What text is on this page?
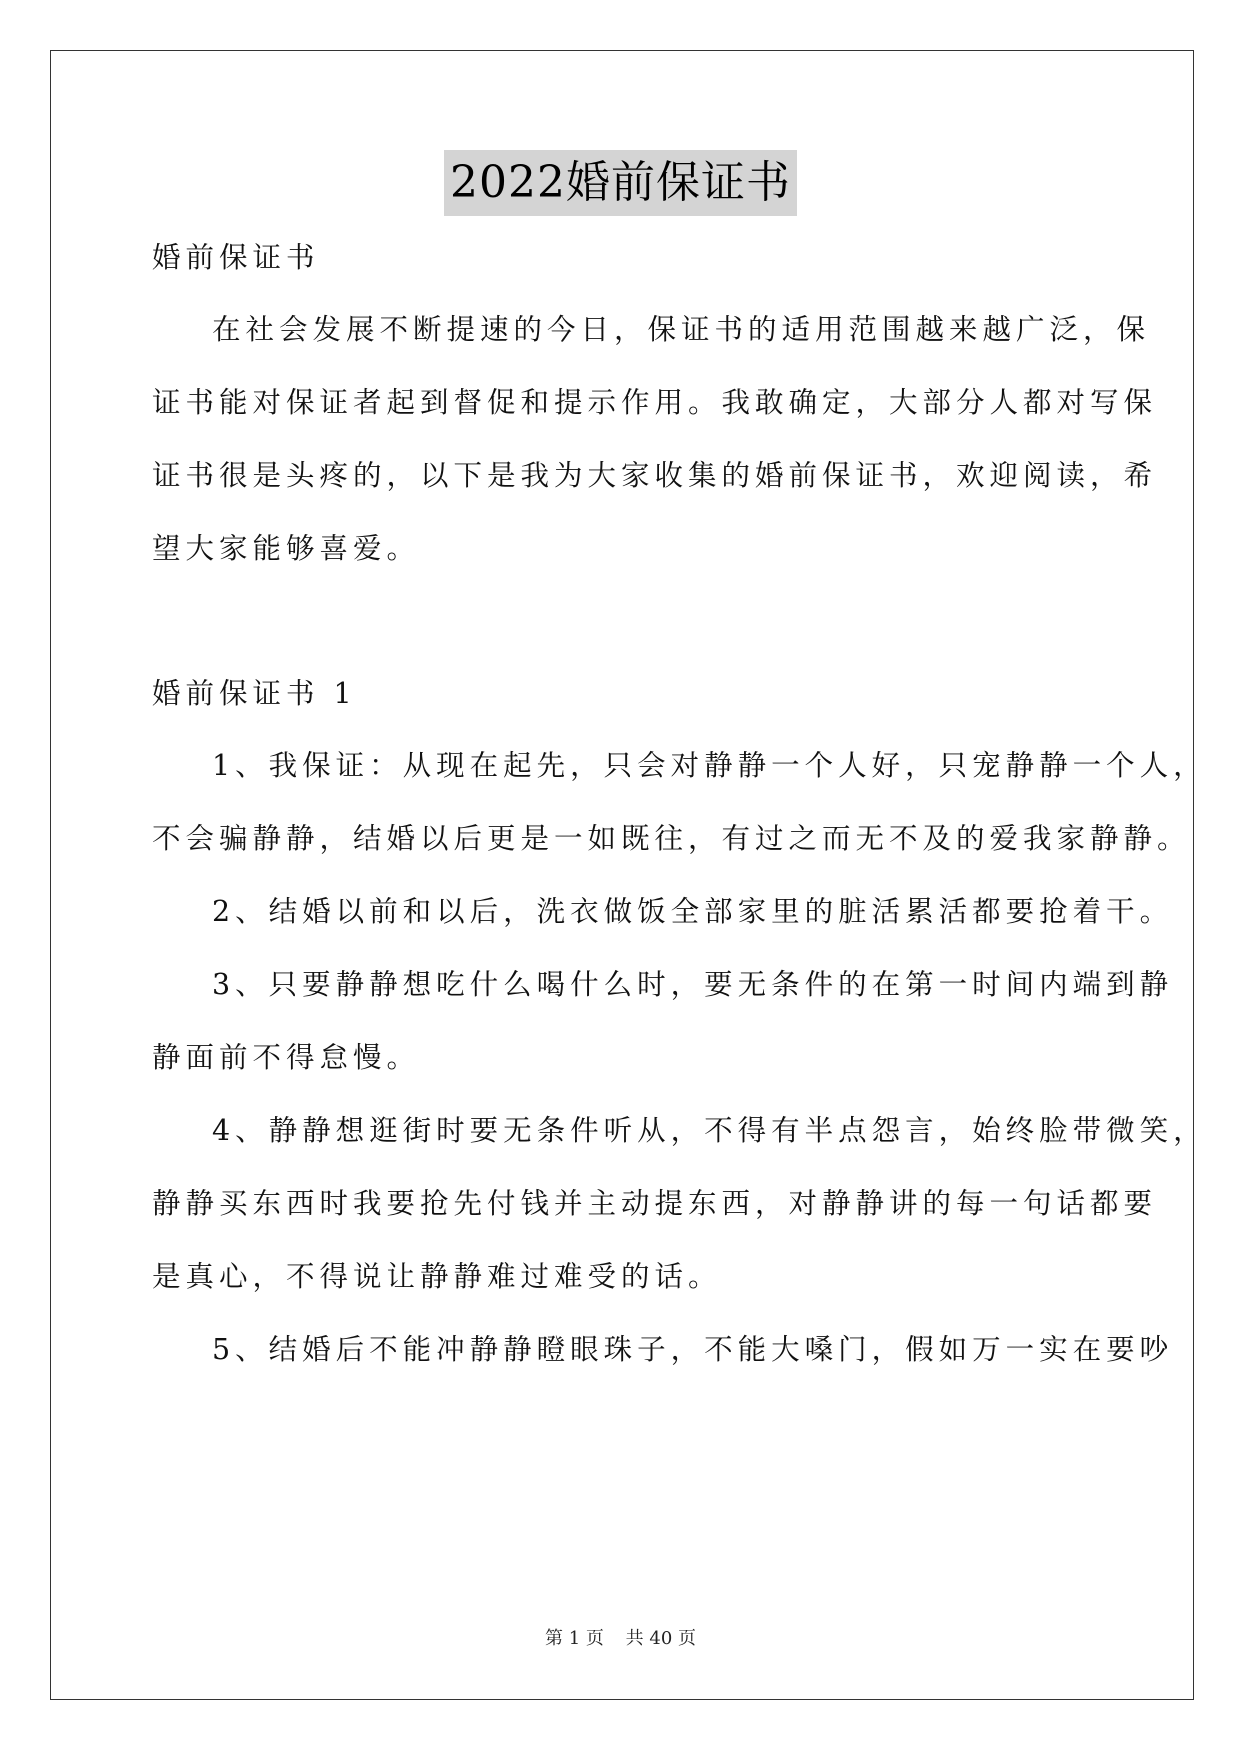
2022婚前保证书
婚前保证书
在社会发展不断提速的今日，保证书的适用范围越来越广泛，保
证书能对保证者起到督促和提示作用。我敢确定，大部分人都对写保
证书很是头疼的，以下是我为大家收集的婚前保证书，欢迎阅读，希
望大家能够喜爱。
婚前保证书 1
1、我保证：从现在起先，只会对静静一个人好，只宠静静一个人，
不会骗静静，结婚以后更是一如既往，有过之而无不及的爱我家静静。
2、结婚以前和以后，洗衣做饭全部家里的脏活累活都要抢着干。
3、只要静静想吃什么喝什么时，要无条件的在第一时间内端到静
静面前不得怠慢。
4、静静想逛街时要无条件听从，不得有半点怨言，始终脸带微笑，
静静买东西时我要抢先付钱并主动提东西，对静静讲的每一句话都要
是真心，不得说让静静难过难受的话。
5、结婚后不能冲静静瞪眼珠子，不能大嗓门，假如万一实在要吵
第 1 页 共 40 页
